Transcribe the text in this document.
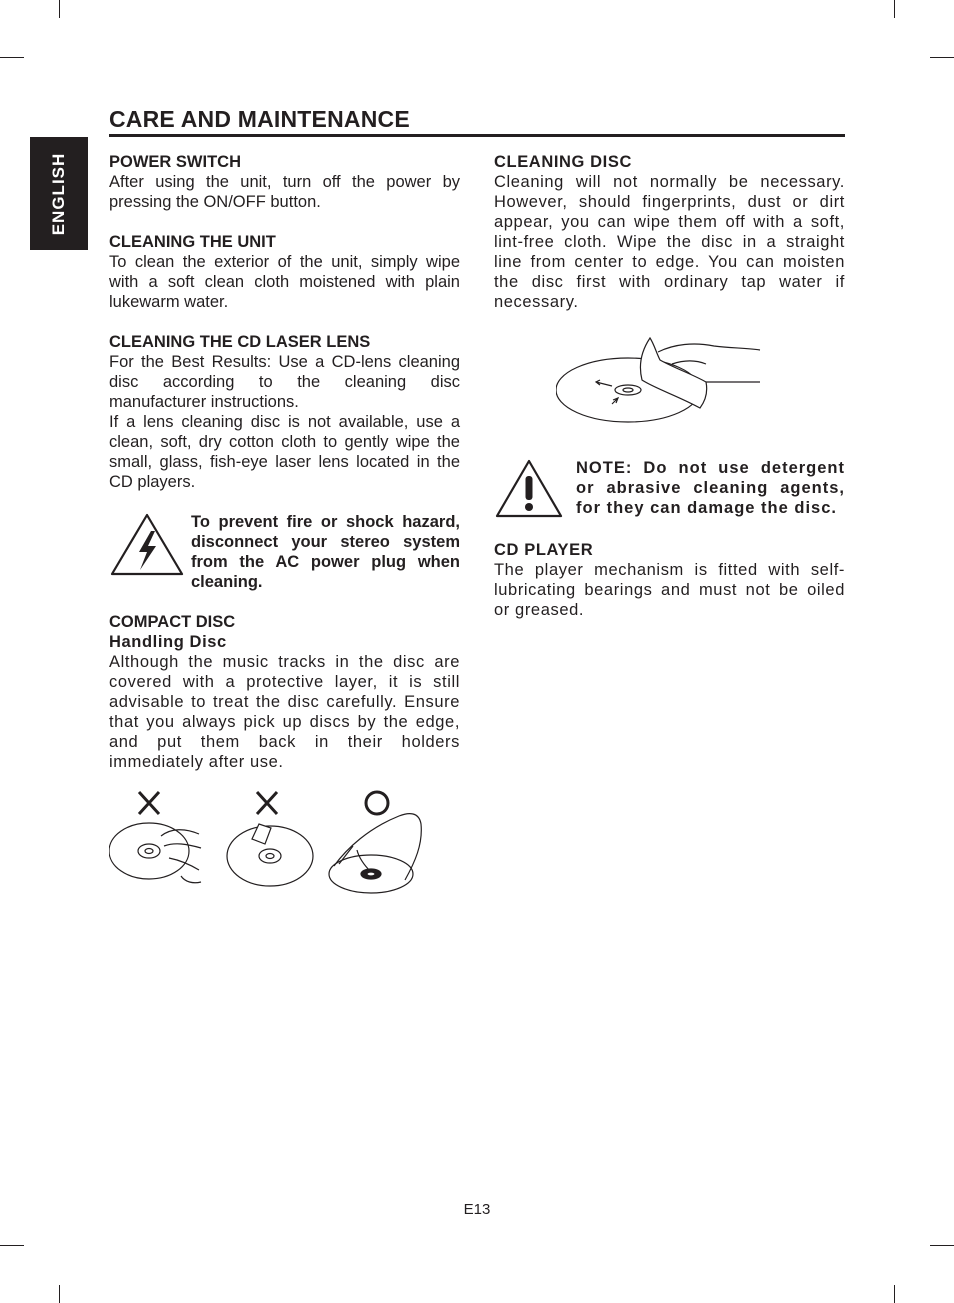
ENGLISH
CARE AND MAINTENANCE
POWER SWITCH

After using the unit, turn off the power by pressing the ON/OFF button.

CLEANING THE UNIT

To clean the exterior of the unit, simply wipe with a soft clean cloth moistened with plain lukewarm water.

CLEANING THE CD LASER LENS

For the Best Results: Use a CD-lens cleaning disc according to the cleaning disc manufacturer instructions.

If a lens cleaning disc is not available, use a clean, soft, dry cotton cloth to gently wipe the small, glass, fish-eye laser lens located in the CD players.

To prevent fire or shock hazard, disconnect your stereo system from the AC power plug when cleaning.

COMPACT DISC
Handling Disc

Although the music tracks in the disc are covered with a protective layer, it is still advisable to treat the disc carefully. Ensure that you always pick up discs by the edge, and put them back in their holders immediately after use.

CLEANING DISC

Cleaning will not normally be necessary. However, should fingerprints, dust or dirt appear, you can wipe them off with a soft, lint-free cloth. Wipe the disc in a straight line from center to edge. You can moisten the disc first with ordinary tap water if necessary.

NOTE: Do not use detergent or abrasive cleaning agents, for they can damage the disc.

CD PLAYER

The player mechanism is fitted with self-lubricating bearings and must not be oiled or greased.

E13
